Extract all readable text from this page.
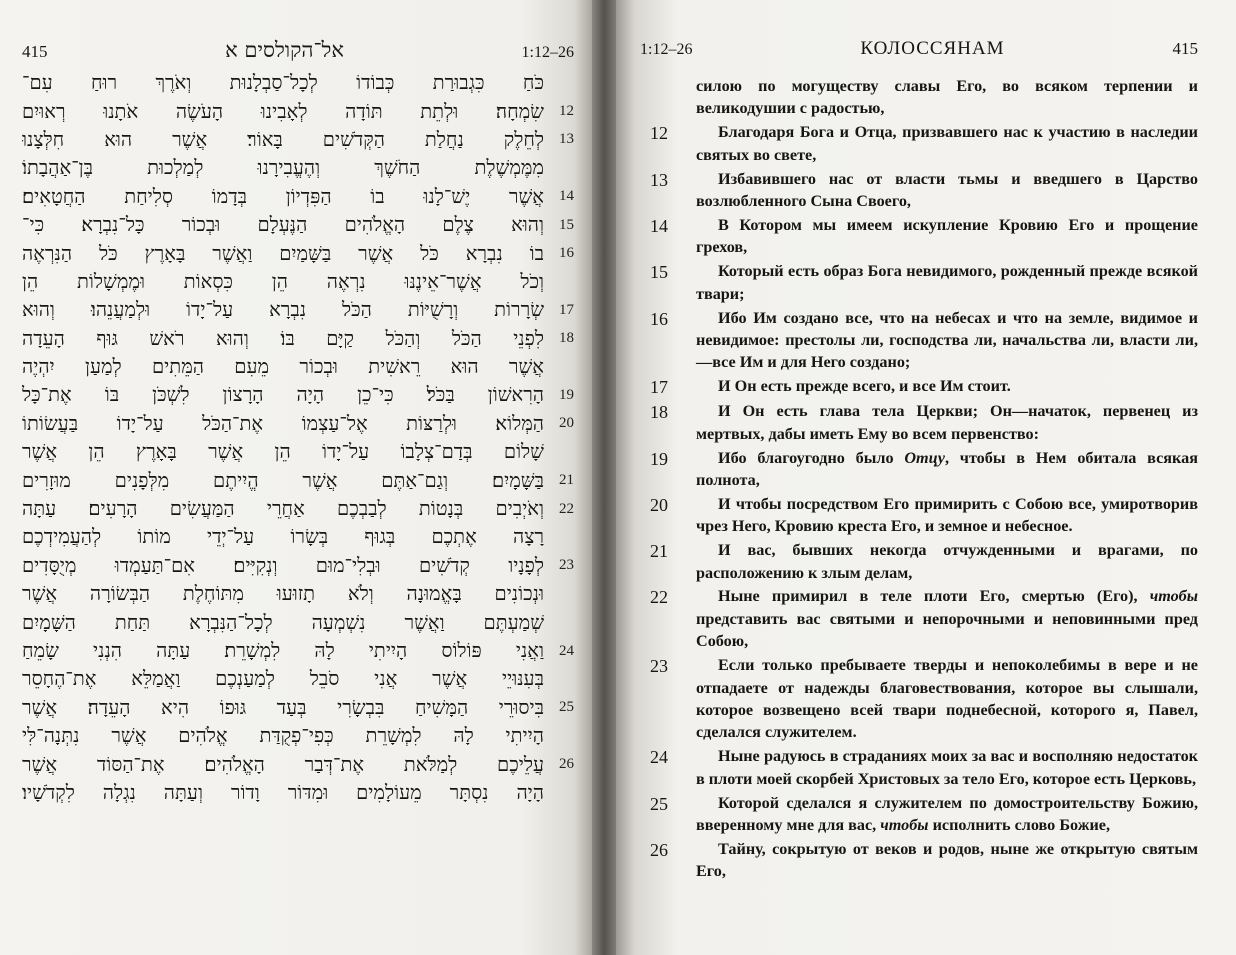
415	אל־הקולסים א	1:12–26
כֹּחַ כִּגְבוּרַת כְּבוֹדוֹ לְכָל־סַבְלָנוּת וְאֹרֶךְ רוּחַ עִם־
שִׂמְחָה׃ וּלְתֵת תּוֹדָה לְאָבִינוּ הָעֹשֶׂה אֹתָנוּ רְאוּיִם	12
לְחֵלֶק נַחֲלַת הַקְּדֹשִׁים בָּאוֹר׃ אֲשֶׁר הוּא חִלְּצָנוּ	13
מִמֶּמְשֶׁלֶת הַחֹשֶׁךְ וְהֶעֱבִירָנוּ לְמַלְכוּת בֶּן־אַהֲבָתוֹ׃
אֲשֶׁר יֶשׁ־לָנוּ בוֹ הַפִּדְיוֹן בְּדָמוֹ סְלִיחַת הַחֲטָאִים׃	14
וְהוּא צֶלֶם הָאֱלֹהִים הַנֶּעְלָם וּבְכוֹר כָּל־נִבְרָא׃ כִּי־	15
בוֹ נִבְרָא כֹּל אֲשֶׁר בַּשָּׁמַיִם וַאֲשֶׁר בָּאָרֶץ כֹּל הַנִּרְאֶה	16
וְכֹל אֲשֶׁר־אֵינֶנּוּ נִרְאֶה הֵן כִּסְאוֹת וּמֶמְשָׁלוֹת הֵן
שְׂרָרוֹת וְרָשֻׁיּוֹת הַכֹּל נִבְרָא עַל־יָדוֹ וּלְמַעֲנֵהוּ׃ וְהוּא	17
לִפְנֵי הַכֹּל וְהַכֹּל קַיָּם בּוֹ׃ וְהוּא רֹאשׁ גּוּף הָעֵדָה	18
אֲשֶׁר הוּא רֵאשִׁית וּבְכוֹר מֵעִם הַמֵּתִים לְמַעַן יִהְיֶה
הָרִאשׁוֹן בַּכֹּל׃ כִּי־כֵן הָיָה הָרָצוֹן לִשְׁכֹּן בּוֹ אֶת־כָּל	19
הַמְּלוֹא׃ וּלְרַצּוֹת אֶל־עַצְמוֹ אֶת־הַכֹּל עַל־יָדוֹ בַּעֲשׂוֹתוֹ	20
שָׁלוֹם בְּדַם־צְלָבוֹ עַל־יָדוֹ הֵן אֲשֶׁר בָּאָרֶץ הֵן אֲשֶׁר
בַּשָּׁמָיִם׃ וְגַם־אַתֶּם אֲשֶׁר הֱיִיתֶם מִלְּפָנִים מוּזָרִים	21
וְאֹיְבִים בְּנָטוֹת לְבַבְכֶם אַחֲרֵי הַמַּעֲשִׂים הָרָעִים׃ עַתָּה	22
רָצָה אֶתְכֶם בְּגוּף בְּשָׂרוֹ עַל־יְדֵי מוֹתוֹ לְהַעֲמִידְכֶם
לְפָנָיו קְדֹשִׁים וּבְלִי־מוּם וְנְקִיִּים׃ אִם־תַּעַמְדוּ מְיֻסָּדִים	23
וּנְכוֹנִים בָּאֱמוּנָה וְלֹא תָזוּעוּ מִתּוֹחֶלֶת הַבְּשׂוֹרָה אֲשֶׁר
שְׁמַעְתֶּם וַאֲשֶׁר נִשְׁמְעָה לְכָל־הַנִּבְרָא תַּחַת הַשָּׁמָיִם
וַאֲנִי פּוֹלוֹס הָיִיתִי לָהּ לִמְשָׁרֵת׃ עַתָּה הִנְנִי שָׂמֵחַ	24
בְּעִנּוּיֵי אֲשֶׁר אֲנִי סֹבֵל לְמַעַנְכֶם וַאֲמַלֵּא אֶת־הֶחָסֵר
בִּיסוּרֵי הַמָּשִׁיחַ בִּבְשָׂרִי בְּעַד גּוּפוֹ הִיא הָעֵדָה׃ אֲשֶׁר	25
הָיִיתִי לָהּ לִמְשָׁרֵת כְּפִי־פְקֻדַּת אֱלֹהִים אֲשֶׁר נִתְּנָה־לִּי
עֲלֵיכֶם לְמַלֹּאת אֶת־דְּבַר הָאֱלֹהִים׃ אֶת־הַסּוֹד אֲשֶׁר	26
הָיָה נִסְתָּר מֵעוֹלָמִים וּמִדּוֹר וָדוֹר וְעַתָּה נִגְלָה לִקְדֹשָׁיו׃
1:12–26	КОЛОССЯНАМ	415
силою по могуществу славы Его, во всяком терпении и великодушии с радостью,
12	Благодаря Бога и Отца, призвавшего нас к участию в наследии святых во свете,
13	Избавившего нас от власти тьмы и введшего в Царство возлюбленного Сына Своего,
14	В Котором мы имеем искупление Кровию Его и прощение грехов,
15	Который есть образ Бога невидимого, рожденный прежде всякой твари;
16	Ибо Им создано все, что на небесах и что на земле, видимое и невидимое: престолы ли, господства ли, начальства ли, власти ли,—все Им и для Него создано;
17	И Он есть прежде всего, и все Им стоит.
18	И Он есть глава тела Церкви; Он—начаток, первенец из мертвых, дабы иметь Ему во всем первенство:
19	Ибо благоугодно было Отцу, чтобы в Нем обитала всякая полнота,
20	И чтобы посредством Его примирить с Собою все, умиротворив чрез Него, Кровию креста Его, и земное и небесное.
21	И вас, бывших некогда отчужденными и врагами, по расположению к злым делам,
22	Ныне примирил в теле плоти Его, смертью (Его), чтобы представить вас святыми и непорочными и неповинными пред Собою,
23	Если только пребываете тверды и непоколебимы в вере и не отпадаете от надежды благовествования, которое вы слышали, которое возвещено всей твари поднебесной, которого я, Павел, сделался служителем.
24	Ныне радуюсь в страданиях моих за вас и восполняю недостаток в плоти моей скорбей Христовых за тело Его, которое есть Церковь,
25	Которой сделался я служителем по домостроительству Божию, вверенному мне для вас, чтобы исполнить слово Божие,
26	Тайну, сокрытую от веков и родов, ныне же открытую святым Его,
